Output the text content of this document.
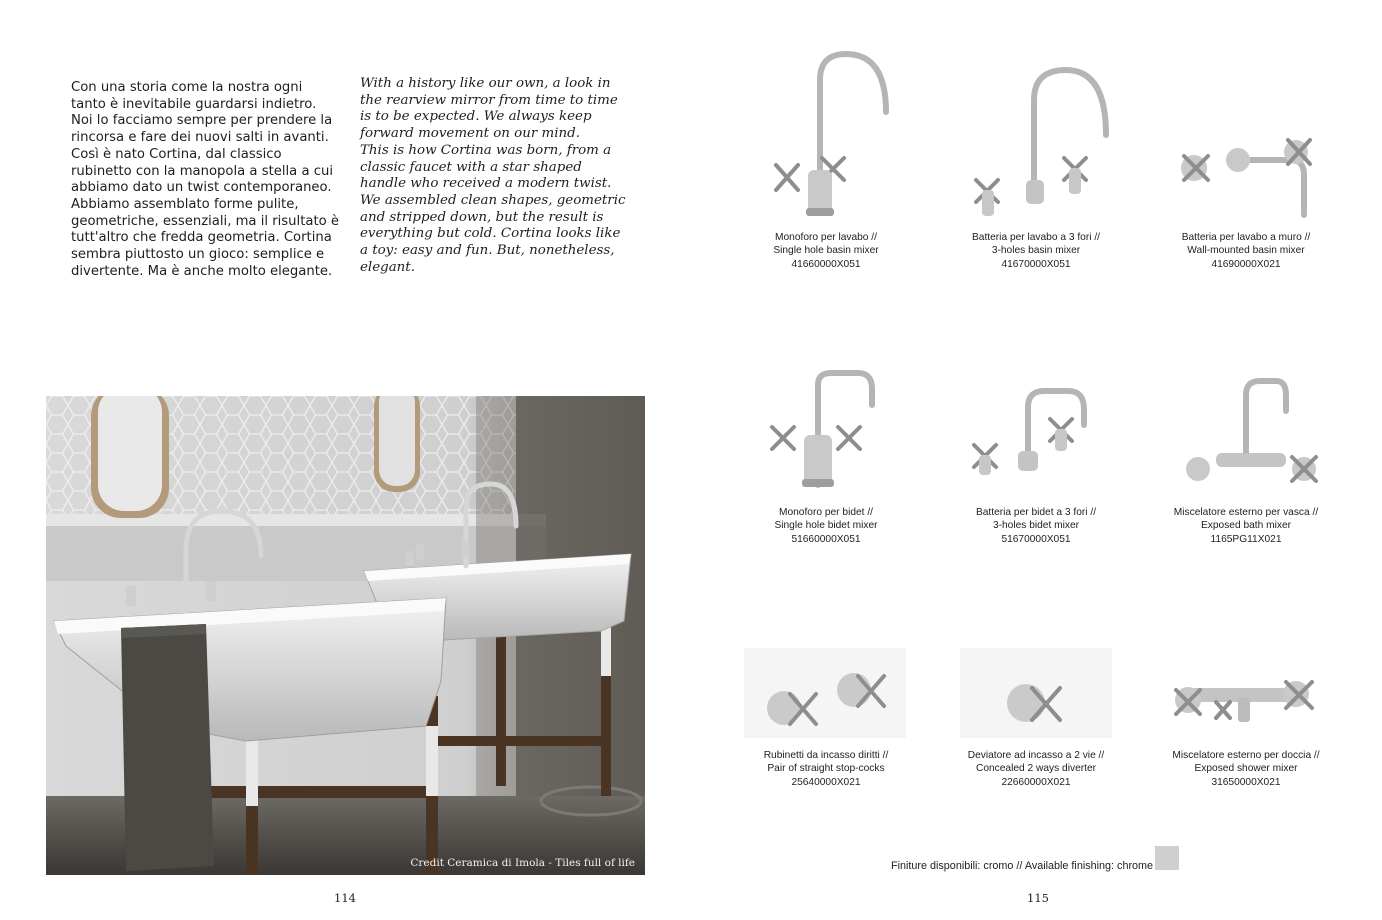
Con una storia come la nostra ogni tanto è inevitabile guardarsi indietro.

Noi lo facciamo sempre per prendere la rincorsa e fare dei nuovi salti in avanti.

Così è nato Cortina, dal classico rubinetto con la manopola a stella a cui abbiamo dato un twist contemporaneo.

Abbiamo assemblato forme pulite, geometriche, essenziali, ma il risultato è tutt'altro che fredda geometria. Cortina sembra piuttosto un gioco: semplice e divertente. Ma è anche molto elegante.

With a history like our own, a look in the rearview mirror from time to time is to be expected. We always keep forward movement on our mind.

This is how Cortina was born, from a classic faucet with a star shaped handle who received a modern twist.

We assembled clean shapes, geometric and stripped down, but the result is everything but cold. Cortina looks like a toy: easy and fun. But, nonetheless, elegant.

Credit Ceramica di Imola - Tiles full of life
114	115
Monoforo per lavabo //
Single hole basin mixer
41660000X051
Batteria per lavabo a 3 fori //
3-holes basin mixer
41670000X051
Batteria per lavabo a muro //
Wall-mounted basin mixer
41690000X021
Monoforo per bidet //
Single hole bidet mixer
51660000X051
Batteria per bidet a 3 fori //
3-holes bidet mixer
51670000X051
Miscelatore esterno per vasca //
Exposed bath mixer
1165PG11X021
Rubinetti da incasso diritti //
Pair of straight stop-cocks
25640000X021
Deviatore ad incasso a 2 vie //
Concealed 2 ways diverter
22660000X021
Miscelatore esterno per doccia //
Exposed shower mixer
31650000X021
Finiture disponibili: cromo // Available finishing: chrome
